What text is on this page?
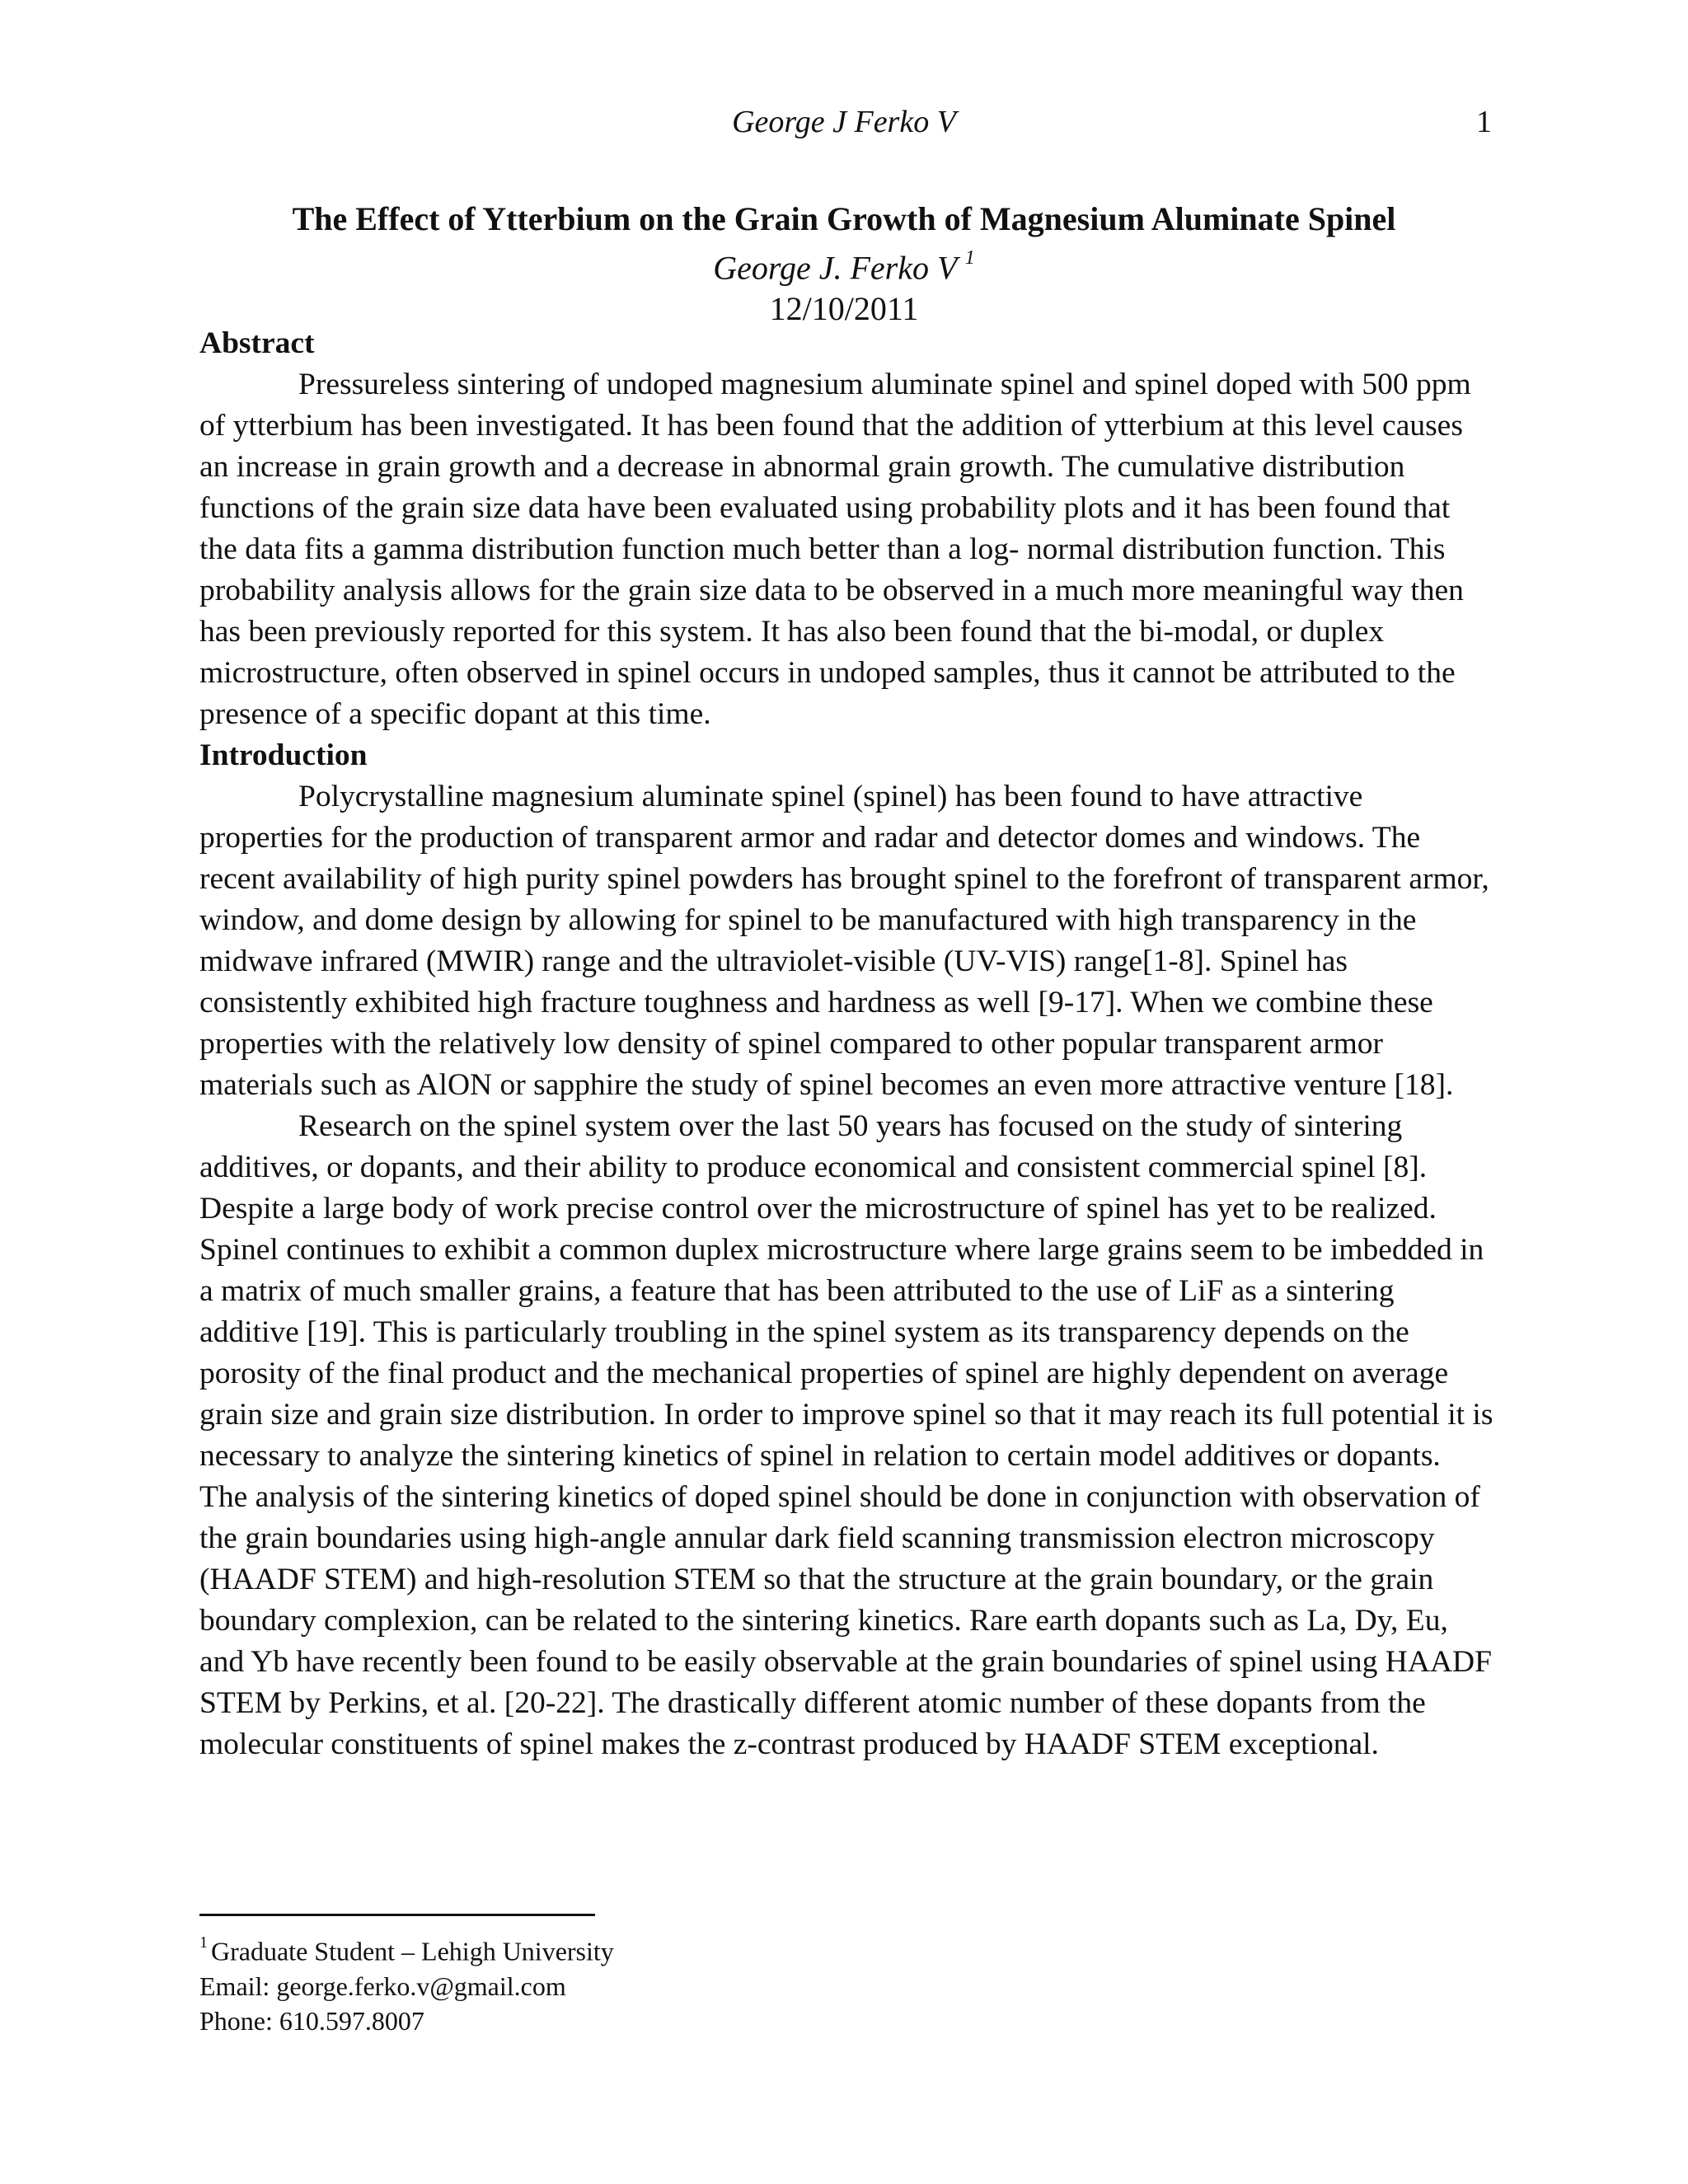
George J Ferko V	1
The Effect of Ytterbium on the Grain Growth of Magnesium Aluminate Spinel
George J. Ferko V $^1$
12/10/2011
Abstract

Pressureless sintering of undoped magnesium aluminate spinel and spinel doped with 500 ppm of ytterbium has been investigated. It has been found that the addition of ytterbium at this level causes an increase in grain growth and a decrease in abnormal grain growth. The cumulative distribution functions of the grain size data have been evaluated using probability plots and it has been found that the data fits a gamma distribution function much better than a log- normal distribution function. This probability analysis allows for the grain size data to be observed in a much more meaningful way then has been previously reported for this system. It has also been found that the bi-modal, or duplex microstructure, often observed in spinel occurs in undoped samples, thus it cannot be attributed to the presence of a specific dopant at this time.

Introduction

Polycrystalline magnesium aluminate spinel (spinel) has been found to have attractive properties for the production of transparent armor and radar and detector domes and windows. The recent availability of high purity spinel powders has brought spinel to the forefront of transparent armor, window, and dome design by allowing for spinel to be manufactured with high transparency in the midwave infrared (MWIR) range and the ultraviolet-visible (UV-VIS) range[1-8]. Spinel has consistently exhibited high fracture toughness and hardness as well [9-17]. When we combine these properties with the relatively low density of spinel compared to other popular transparent armor materials such as AlON or sapphire the study of spinel becomes an even more attractive venture [18].

Research on the spinel system over the last 50 years has focused on the study of sintering additives, or dopants, and their ability to produce economical and consistent commercial spinel [8]. Despite a large body of work precise control over the microstructure of spinel has yet to be realized. Spinel continues to exhibit a common duplex microstructure where large grains seem to be imbedded in a matrix of much smaller grains, a feature that has been attributed to the use of LiF as a sintering additive [19]. This is particularly troubling in the spinel system as its transparency depends on the porosity of the final product and the mechanical properties of spinel are highly dependent on average grain size and grain size distribution. In order to improve spinel so that it may reach its full potential it is necessary to analyze the sintering kinetics of spinel in relation to certain model additives or dopants. The analysis of the sintering kinetics of doped spinel should be done in conjunction with observation of the grain boundaries using high-angle annular dark field scanning transmission electron microscopy (HAADF STEM) and high-resolution STEM so that the structure at the grain boundary, or the grain boundary complexion, can be related to the sintering kinetics. Rare earth dopants such as La, Dy, Eu, and Yb have recently been found to be easily observable at the grain boundaries of spinel using HAADF STEM by Perkins, et al. [20-22]. The drastically different atomic number of these dopants from the molecular constituents of spinel makes the z-contrast produced by HAADF STEM exceptional.

$^1$ Graduate Student – Lehigh University
Email: george.ferko.v@gmail.com
Phone: 610.597.8007
